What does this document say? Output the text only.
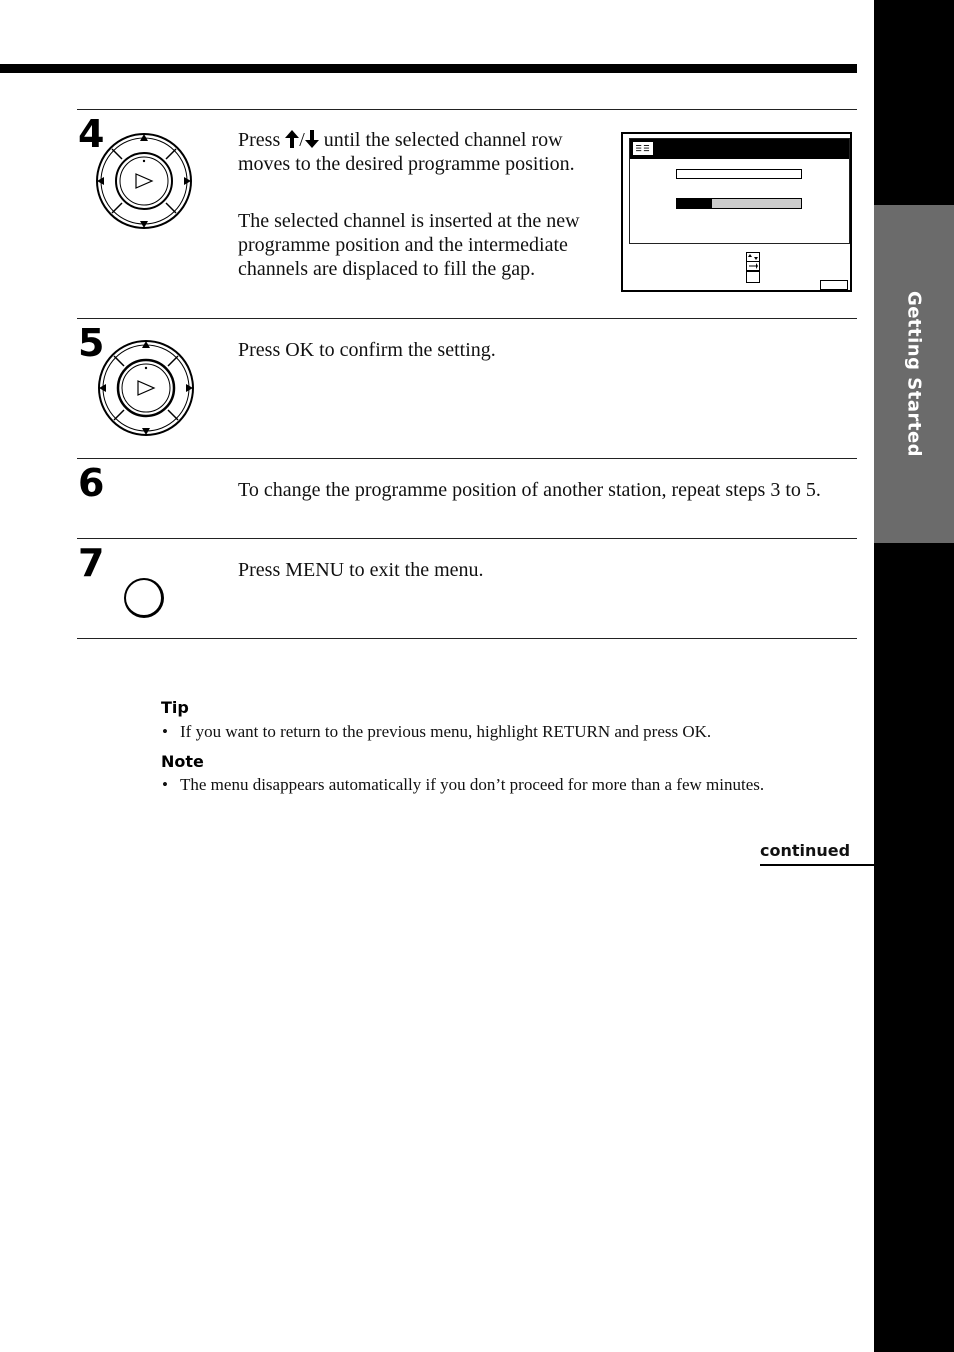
Getting Started
4	Press / until the selected channel row moves to the desired programme position.

The selected channel is inserted at the new programme position and the intermediate channels are displaced to fill the gap.

5	Press OK to confirm the setting.

6	To change the programme position of another station, repeat steps 3 to 5.

7	Press MENU to exit the menu.

Tip

• If you want to return to the previous menu, highlight RETURN and press OK.

Note

• The menu disappears automatically if you don’t proceed for more than a few minutes.

continued
